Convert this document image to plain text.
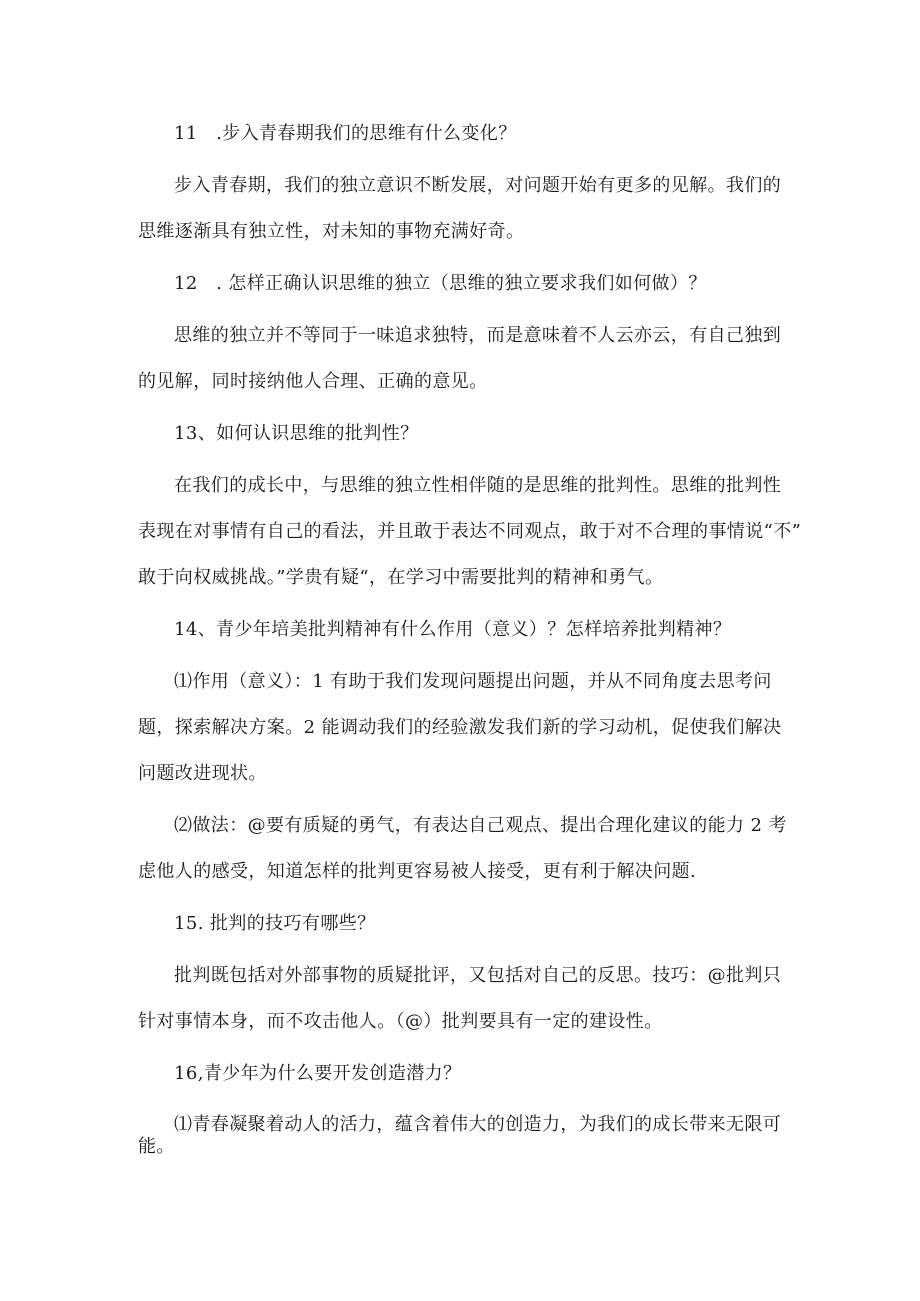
11　.步入青春期我们的思维有什么变化？
步入青春期，我们的独立意识不断发展，对问题开始有更多的见解。我们的
思维逐渐具有独立性，对未知的事物充满好奇。
12　. 怎样正确认识思维的独立（思维的独立要求我们如何做）？
思维的独立并不等同于一味追求独特，而是意味着不人云亦云，有自己独到
的见解，同时接纳他人合理、正确的意见。
13、如何认识思维的批判性？
在我们的成长中，与思维的独立性相伴随的是思维的批判性。思维的批判性
表现在对事情有自己的看法，并且敢于表达不同观点，敢于对不合理的事情说“不”
敢于向权威挑战。”学贵有疑“，在学习中需要批判的精神和勇气。
14、青少年培美批判精神有什么作用（意义）？怎样培养批判精神？
⑴作用（意义）：1 有助于我们发现问题提出问题，并从不同角度去思考问
题，探索解决方案。2 能调动我们的经验激发我们新的学习动机，促使我们解决
问题改进现状。
⑵做法：@要有质疑的勇气，有表达自己观点、提出合理化建议的能力 2 考
虑他人的感受，知道怎样的批判更容易被人接受，更有利于解决问题.
15. 批判的技巧有哪些？
批判既包括对外部事物的质疑批评，又包括对自己的反思。技巧：@批判只
针对事情本身，而不攻击他人。（@）批判要具有一定的建设性。
16,青少年为什么要开发创造潜力？
⑴青春凝聚着动人的活力，蕴含着伟大的创造力，为我们的成长带来无限可
能。
